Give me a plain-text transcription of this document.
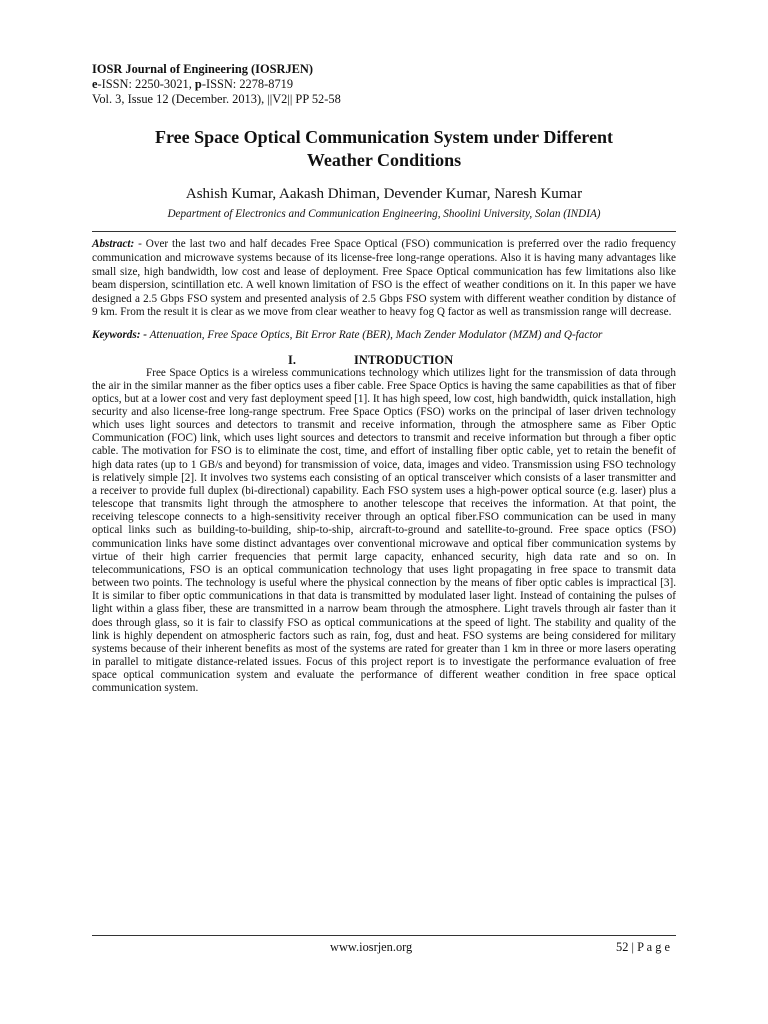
IOSR Journal of Engineering (IOSRJEN)
e-ISSN: 2250-3021, p-ISSN: 2278-8719
Vol. 3, Issue 12 (December. 2013), ||V2|| PP 52-58
Free Space Optical Communication System under Different
Weather Conditions
Ashish Kumar, Aakash Dhiman, Devender Kumar, Naresh Kumar
Department of Electronics and Communication Engineering, Shoolini University, Solan (INDIA)
Abstract: - Over the last two and half decades Free Space Optical (FSO) communication is preferred over the radio frequency communication and microwave systems because of its license-free long-range operations. Also it is having many advantages like small size, high bandwidth, low cost and lease of deployment. Free Space Optical communication has few limitations also like beam dispersion, scintillation etc. A well known limitation of FSO is the effect of weather conditions on it. In this paper we have designed a 2.5 Gbps FSO system and presented analysis of 2.5 Gbps FSO system with different weather condition by distance of 9 km. From the result it is clear as we move from clear weather to heavy fog Q factor as well as transmission range will decrease.
Keywords: - Attenuation, Free Space Optics, Bit Error Rate (BER), Mach Zender Modulator (MZM) and Q-factor
I.	INTRODUCTION
Free Space Optics is a wireless communications technology which utilizes light for the transmission of data through the air in the similar manner as the fiber optics uses a fiber cable. Free Space Optics is having the same capabilities as that of fiber optics, but at a lower cost and very fast deployment speed [1]. It has high speed, low cost, high bandwidth, quick installation, high security and also license-free long-range spectrum. Free Space Optics (FSO) works on the principal of laser driven technology which uses light sources and detectors to transmit and receive information, through the atmosphere same as Fiber Optic Communication (FOC) link, which uses light sources and detectors to transmit and receive information but through a fiber optic cable. The motivation for FSO is to eliminate the cost, time, and effort of installing fiber optic cable, yet to retain the benefit of high data rates (up to 1 GB/s and beyond) for transmission of voice, data, images and video. Transmission using FSO technology is relatively simple [2]. It involves two systems each consisting of an optical transceiver which consists of a laser transmitter and a receiver to provide full duplex (bi-directional) capability. Each FSO system uses a high-power optical source (e.g. laser) plus a telescope that transmits light through the atmosphere to another telescope that receives the information. At that point, the receiving telescope connects to a high-sensitivity receiver through an optical fiber.FSO communication can be used in many optical links such as building-to-building, ship-to-ship, aircraft-to-ground and satellite-to-ground. Free space optics (FSO) communication links have some distinct advantages over conventional microwave and optical fiber communication systems by virtue of their high carrier frequencies that permit large capacity, enhanced security, high data rate and so on. In telecommunications, FSO is an optical communication technology that uses light propagating in free space to transmit data between two points. The technology is useful where the physical connection by the means of fiber optic cables is impractical [3]. It is similar to fiber optic communications in that data is transmitted by modulated laser light. Instead of containing the pulses of light within a glass fiber, these are transmitted in a narrow beam through the atmosphere. Light travels through air faster than it does through glass, so it is fair to classify FSO as optical communications at the speed of light. The stability and quality of the link is highly dependent on atmospheric factors such as rain, fog, dust and heat. FSO systems are being considered for military systems because of their inherent benefits as most of the systems are rated for greater than 1 km in three or more lasers operating in parallel to mitigate distance-related issues. Focus of this project report is to investigate the performance evaluation of free space optical communication system and evaluate the performance of different weather condition in free space optical communication system.
www.iosrjen.org	52 | P a g e
